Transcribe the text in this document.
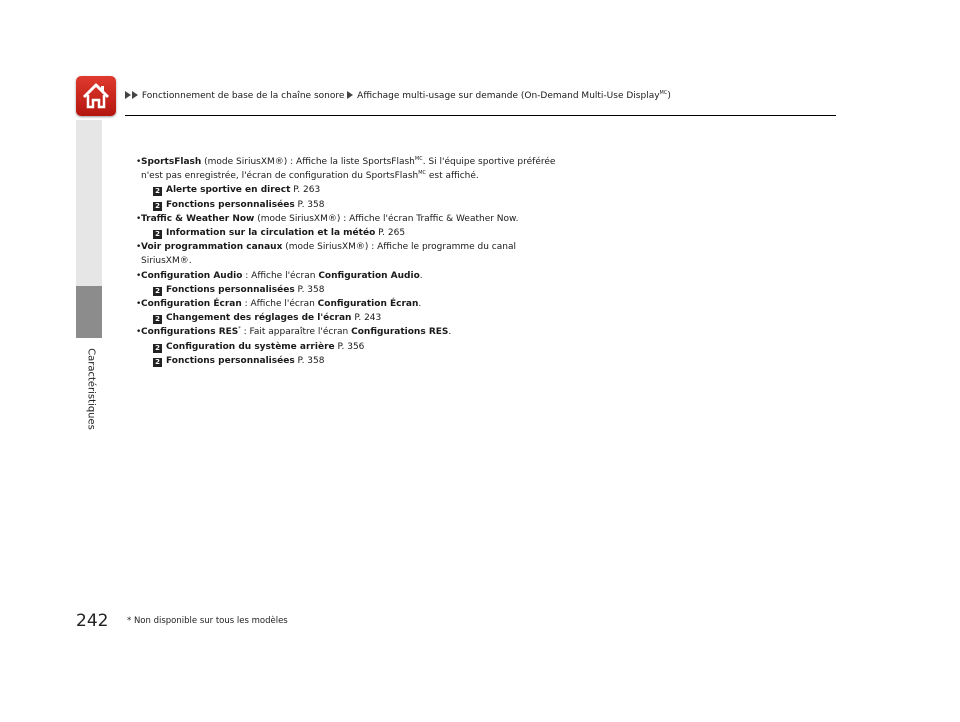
Fonctionnement de base de la chaîne sonore Affichage multi-usage sur demande (On-Demand Multi-Use Display$^{MC}$)
Caractéristiques
• SportsFlash (mode SiriusXM®) : Affiche la liste SportsFlash$^{MC}$. Si l'équipe sportive préférée
n'est pas enregistrée, l'écran de configuration du SportsFlash$^{MC}$ est affiché.
2 Alerte sportive en direct P. 263
2 Fonctions personnalisées P. 358
• Traffic & Weather Now (mode SiriusXM®) : Affiche l'écran Traffic & Weather Now.
2 Information sur la circulation et la météo P. 265
• Voir programmation canaux (mode SiriusXM®) : Affiche le programme du canal
SiriusXM®.
• Configuration Audio : Affiche l'écran Configuration Audio.
2 Fonctions personnalisées P. 358
• Configuration Écran : Affiche l'écran Configuration Écran.
2 Changement des réglages de l'écran P. 243
• Configurations RES* : Fait apparaître l'écran Configurations RES.
2 Configuration du système arrière P. 356
2 Fonctions personnalisées P. 358
242 * Non disponible sur tous les modèles
